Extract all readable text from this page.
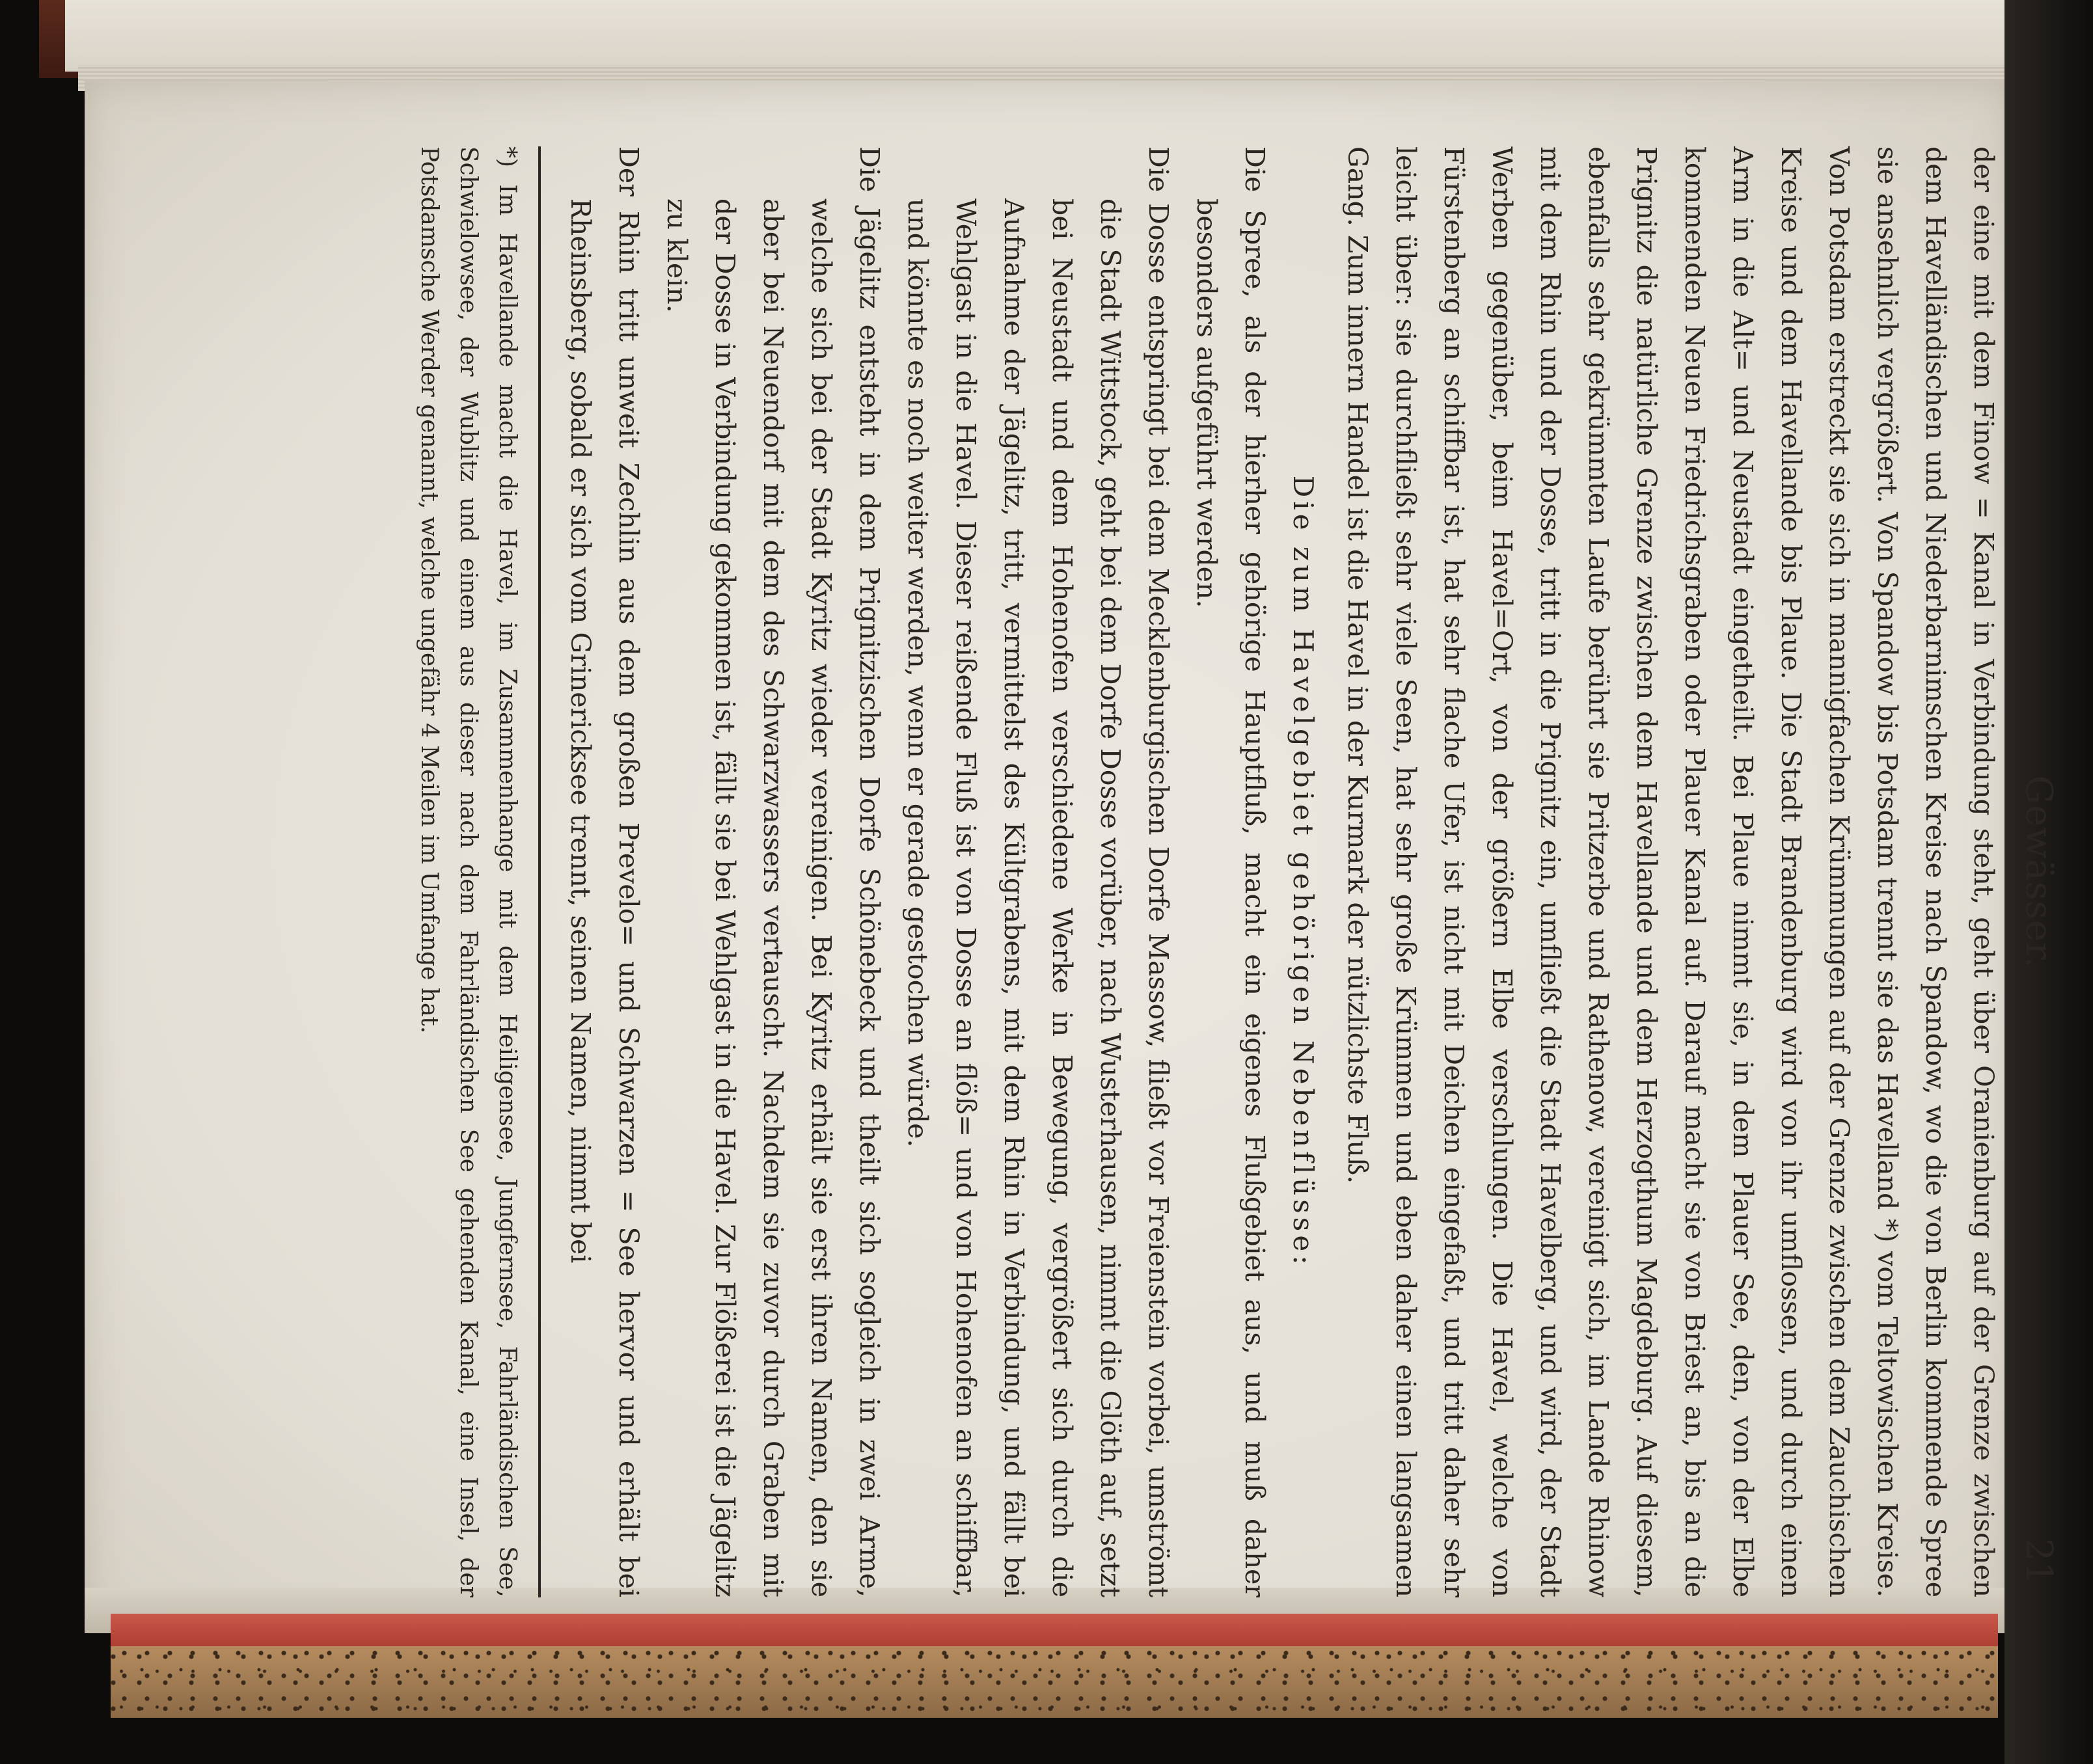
Gewässer.
21

der eine mit dem Finow = Kanal in Verbindung steht, geht über Oranienburg auf der Grenze zwischen dem Havelländischen und Niederbarnimschen Kreise nach Spandow, wo die von Berlin kommende Spree sie ansehnlich vergrößert. Von Spandow bis Potsdam trennt sie das Havelland *) vom Teltowischen Kreise. Von Potsdam erstreckt sie sich in mannigfachen Krümmungen auf der Grenze zwischen dem Zauchischen Kreise und dem Havellande bis Plaue. Die Stadt Brandenburg wird von ihr umflossen, und durch einen Arm in die Alt= und Neustadt eingetheilt. Bei Plaue nimmt sie, in dem Plauer See, den, von der Elbe kommenden Neuen Friedrichsgraben oder Plauer Kanal auf. Darauf macht sie von Briest an, bis an die Prignitz die natürliche Grenze zwischen dem Havellande und dem Herzogthum Magdeburg. Auf diesem, ebenfalls sehr gekrümmten Laufe berührt sie Pritzerbe und Rathenow, vereinigt sich, im Lande Rhinow mit dem Rhin und der Dosse, tritt in die Prignitz ein, umfließt die Stadt Havelberg, und wird, der Stadt Werben gegenüber, beim Havel=Ort, von der größern Elbe verschlungen. Die Havel, welche von Fürstenberg an schiffbar ist, hat sehr flache Ufer, ist nicht mit Deichen eingefaßt, und tritt daher sehr leicht über: sie durchfließt sehr viele Seen, hat sehr große Krümmen und eben daher einen langsamen Gang. Zum innern Handel ist die Havel in der Kurmark der nützlichste Fluß.

Die zum Havelgebiet gehörigen Nebenflüsse:

Die Spree, als der hierher gehörige Hauptfluß, macht ein eigenes Flußgebiet aus, und muß daher besonders aufgeführt werden.

Die Dosse entspringt bei dem Mecklenburgischen Dorfe Massow, fließt vor Freienstein vorbei, umströmt die Stadt Wittstock, geht bei dem Dorfe Dosse vorüber, nach Wusterhausen, nimmt die Glöth auf, setzt bei Neustadt und dem Hohenofen verschiedene Werke in Bewegung, vergrößert sich durch die Aufnahme der Jägelitz, tritt, vermittelst des Kültgrabens, mit dem Rhin in Verbindung, und fällt bei Wehlgast in die Havel. Dieser reißende Fluß ist von Dosse an flöß= und von Hohenofen an schiffbar, und könnte es noch weiter werden, wenn er gerade gestochen würde.

Die Jägelitz entsteht in dem Prignitzischen Dorfe Schönebeck und theilt sich sogleich in zwei Arme, welche sich bei der Stadt Kyritz wieder vereinigen. Bei Kyritz erhält sie erst ihren Namen, den sie aber bei Neuendorf mit dem des Schwarzwassers vertauscht. Nachdem sie zuvor durch Graben mit der Dosse in Verbindung gekommen ist, fällt sie bei Wehlgast in die Havel. Zur Flößerei ist die Jägelitz zu klein.

Der Rhin tritt unweit Zechlin aus dem großen Prevelo= und Schwarzen = See hervor und erhält bei Rheinsberg, sobald er sich vom Grinericksee trennt, seinen Namen, nimmt bei

*) Im Havellande macht die Havel, im Zusammenhange mit dem Heiligensee, Jungfernsee, Fahrländischen See, Schwielowsee, der Wublitz und einem aus dieser nach dem Fahrländischen See gehenden Kanal, eine Insel, der Potsdamsche Werder genannt, welche ungefähr 4 Meilen im Umfange hat.
